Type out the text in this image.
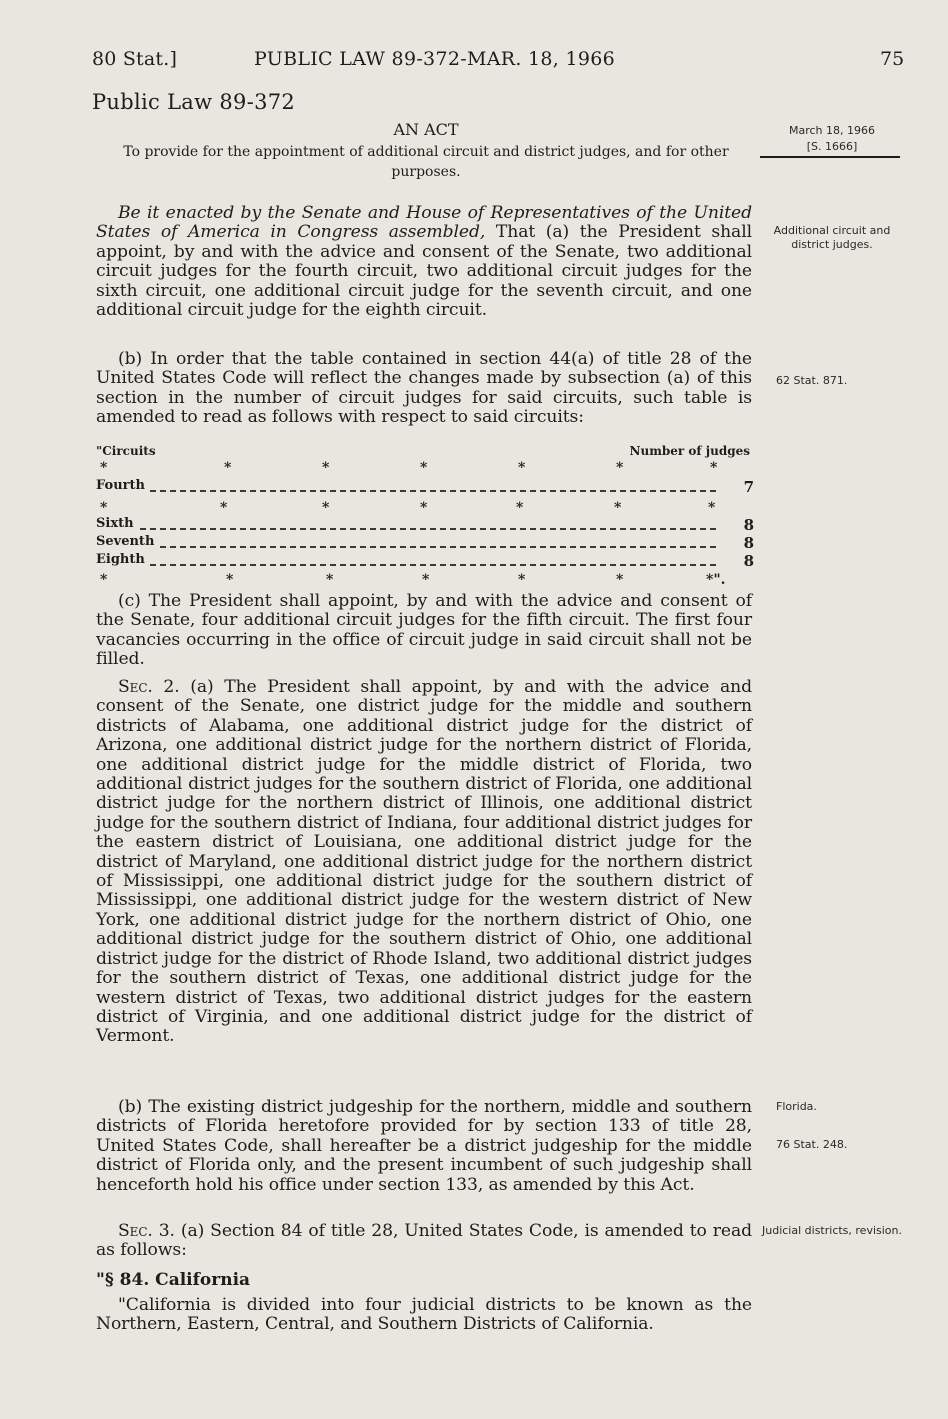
80 Stat.]	PUBLIC LAW 89-372-MAR. 18, 1966	75
Public Law 89-372
AN ACT
To provide for the appointment of additional circuit and district judges, and for other purposes.
March 18, 1966
[S. 1666]
Be it enacted by the Senate and House of Representatives of the United States of America in Congress assembled, That (a) the President shall appoint, by and with the advice and consent of the Senate, two additional circuit judges for the fourth circuit, two additional circuit judges for the sixth circuit, one additional circuit judge for the seventh circuit, and one additional circuit judge for the eighth circuit.
Additional circuit and district judges.
(b) In order that the table contained in section 44(a) of title 28 of the United States Code will reflect the changes made by subsection (a) of this section in the number of circuit judges for said circuits, such table is amended to read as follows with respect to said circuits:
62 Stat. 871.
"Circuits	Number of judges
*	*	*	*	*	*	*
Fourth	7
*	*	*	*	*	*	*
Sixth	8
Seventh	8
Eighth	8
*	*	*	*	*	*	*".
(c) The President shall appoint, by and with the advice and consent of the Senate, four additional circuit judges for the fifth circuit. The first four vacancies occurring in the office of circuit judge in said circuit shall not be filled.
Sec. 2. (a) The President shall appoint, by and with the advice and consent of the Senate, one district judge for the middle and southern districts of Alabama, one additional district judge for the district of Arizona, one additional district judge for the northern district of Florida, one additional district judge for the middle district of Florida, two additional district judges for the southern district of Florida, one additional district judge for the northern district of Illinois, one additional district judge for the southern district of Indiana, four additional district judges for the eastern district of Louisiana, one additional district judge for the district of Maryland, one additional district judge for the northern district of Mississippi, one additional district judge for the southern district of Mississippi, one additional district judge for the western district of New York, one additional district judge for the northern district of Ohio, one additional district judge for the southern district of Ohio, one additional district judge for the district of Rhode Island, two additional district judges for the southern district of Texas, one additional district judge for the western district of Texas, two additional district judges for the eastern district of Virginia, and one additional district judge for the district of Vermont.
(b) The existing district judgeship for the northern, middle and southern districts of Florida heretofore provided for by section 133 of title 28, United States Code, shall hereafter be a district judgeship for the middle district of Florida only, and the present incumbent of such judgeship shall henceforth hold his office under section 133, as amended by this Act.
Florida.
76 Stat. 248.
Sec. 3. (a) Section 84 of title 28, United States Code, is amended to read as follows:
Judicial districts, revision.
"§ 84. California
"California is divided into four judicial districts to be known as the Northern, Eastern, Central, and Southern Districts of California.
